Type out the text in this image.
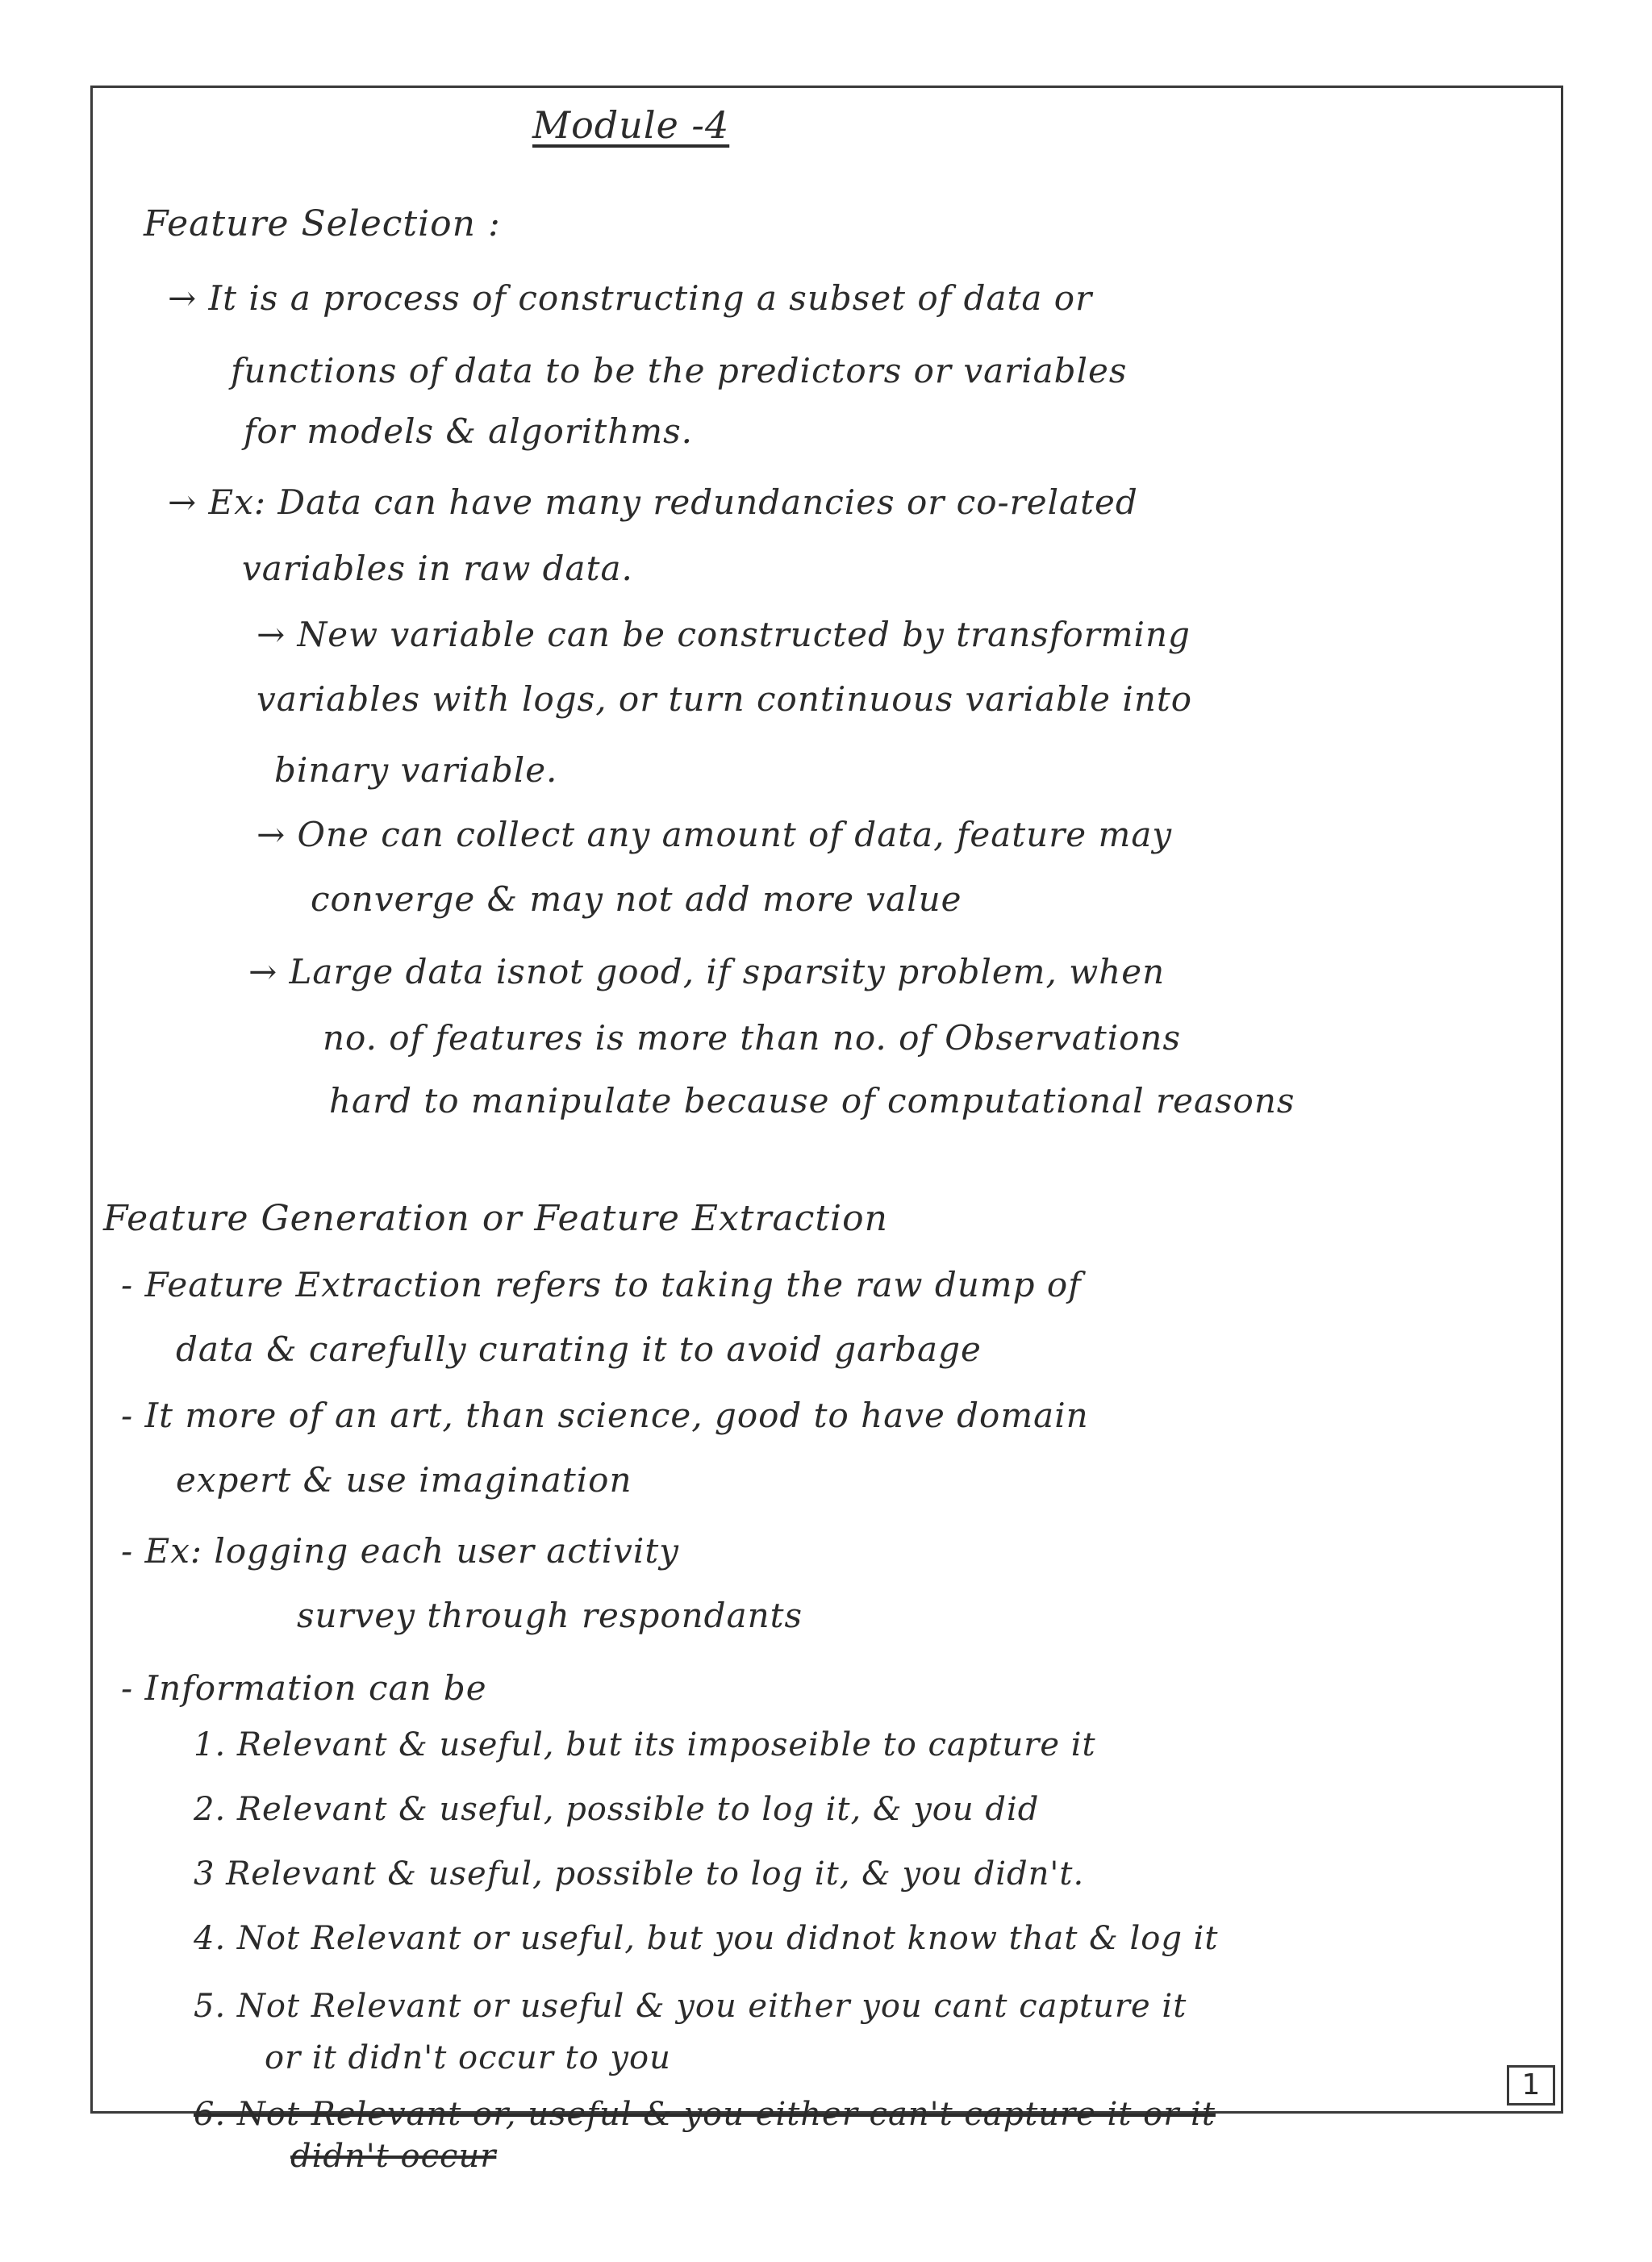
Module -4
Feature Selection :
→ It is a process of constructing a subset of data or
functions of data to be the predictors or variables
for models & algorithms.
→ Ex: Data can have many redundancies or co-related
variables in raw data.
→ New variable can be constructed by transforming
variables with logs, or turn continuous variable into
binary variable.
→ One can collect any amount of data, feature may
converge & may not add more value
→ Large data isnot good, if sparsity problem, when
no. of features is more than no. of Observations
hard to manipulate because of computational reasons
Feature Generation or Feature Extraction
- Feature Extraction refers to taking the raw dump of
data & carefully curating it to avoid garbage
- It more of an art, than science, good to have domain
expert & use imagination
- Ex: logging each user activity
survey through respondants
- Information can be
1. Relevant & useful, but its imposeible to capture it
2. Relevant & useful, possible to log it, & you did
3 Relevant & useful, possible to log it, & you didn't.
4. Not Relevant or useful, but you didnot know that & log it
5. Not Relevant or useful & you either you cant capture it
or it didn't occur to you
6. Not Relevant or, useful & you either can't capture it or it
didn't occur
1
